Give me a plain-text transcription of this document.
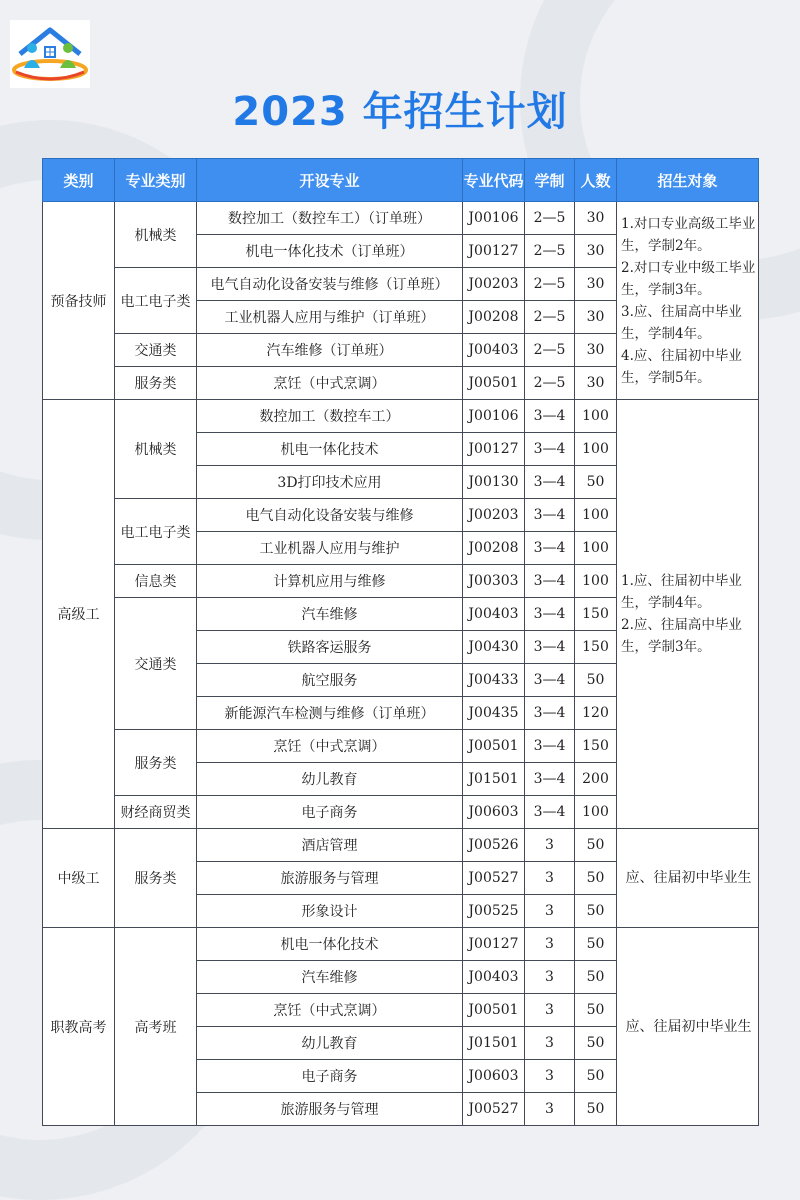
2023 年招生计划
类别	专业类别	开设专业	专业代码	学制	人数	招生对象
预备技师	机械类	数控加工（数控车工）（订单班）	J00106	2—5	30	1.对口专业高级工毕业生，学制2年。
2.对口专业中级工毕业生，学制3年。
3.应、往届高中毕业生，学制4年。
4.应、往届初中毕业生，学制5年。

		机电一体化技术（订单班）	J00127	2—5	30	
	电工电子类	电气自动化设备安装与维修（订单班）	J00203	2—5	30	
		工业机器人应用与维护（订单班）	J00208	2—5	30	
	交通类	汽车维修（订单班）	J00403	2—5	30	
	服务类	烹饪（中式烹调）	J00501	2—5	30	
高级工	机械类	数控加工（数控车工）	J00106	3—4	100	1.应、往届初中毕业生，学制4年。
2.应、往届高中毕业生，学制3年。

		机电一体化技术	J00127	3—4	100	
		3D打印技术应用	J00130	3—4	50	
	电工电子类	电气自动化设备安装与维修	J00203	3—4	100	
		工业机器人应用与维护	J00208	3—4	100	
	信息类	计算机应用与维修	J00303	3—4	100	
	交通类	汽车维修	J00403	3—4	150	
		铁路客运服务	J00430	3—4	150	
		航空服务	J00433	3—4	50	
		新能源汽车检测与维修（订单班）	J00435	3—4	120	
	服务类	烹饪（中式烹调）	J00501	3—4	150	
		幼儿教育	J01501	3—4	200	
	财经商贸类	电子商务	J00603	3—4	100	
中级工	服务类	酒店管理	J00526	3	50	应、往届初中毕业生

		旅游服务与管理	J00527	3	50	
		形象设计	J00525	3	50	
职教高考	高考班	机电一体化技术	J00127	3	50	应、往届初中毕业生

		汽车维修	J00403	3	50	
		烹饪（中式烹调）	J00501	3	50	
		幼儿教育	J01501	3	50	
		电子商务	J00603	3	50	
		旅游服务与管理	J00527	3	50	
